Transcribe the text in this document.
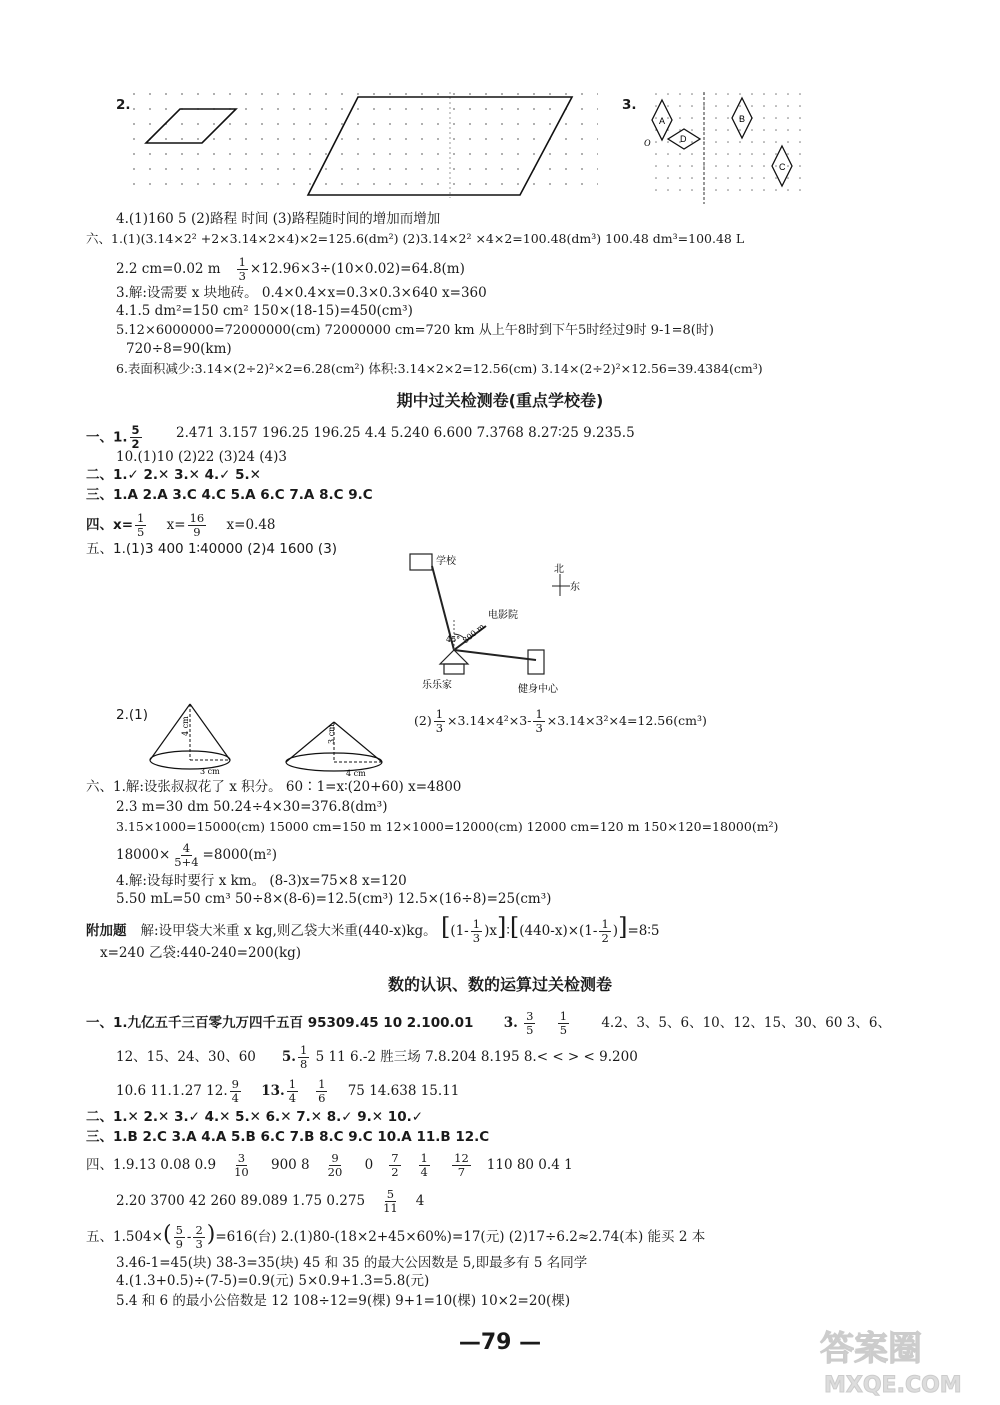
2.	3.
A
D
B
C
O
4.(1)160 5 (2)路程 时间 (3)路程随时间的增加而增加
六、1.(1)(3.14×2² +2×3.14×2×4)×2=125.6(dm²) (2)3.14×2² ×4×2=100.48(dm³) 100.48 dm³=100.48 L
2.2 cm=0.02 m $\frac{1}{3} \times 12.96\times 3\div(10\times 0.02)=64.8(m)$
3.解:设需要 x 块地砖。 0.4×0.4×x=0.3×0.3×640 x=360
4.1.5 dm²=150 cm² 150×(18-15)=450(cm³)
5.12×6000000=72000000(cm) 72000000 cm=720 km 从上午8时到下午5时经过9时 9-1=8(时)
720÷8=90(km)
6.表面积减少:3.14×(2÷2)²×2=6.28(cm²) 体积:3.14×2×2=12.56(cm) 3.14×(2÷2)²×12.56=39.4384(cm³)
期中过关检测卷(重点学校卷)
一、1. $\frac{5}{2}$	2.471 3.157 196.25 196.25 4.4 5.240 6.600 7.3768 8.27∶25 9.235.5
10.(1)10 (2)22 (3)24 (4)3
二、1.✓ 2.✕ 3.✕ 4.✓ 5.✕
三、1.A 2.A 3.C 4.C 5.A 6.C 7.A 8.C 9.C
四、$x= \frac{1}{5} x= \frac{16}{9} x=0.48$
五、1.(1)3 400 1∶40000 (2)4 1600 (3)
学校
电影院
乐乐家	健身中心
北
东
45° 800 m
2.(1)
4 cm
3 cm
3 cm
4 cm
$(2) \frac{1}{3} \times 3.14\times 4^2\times 3- \frac{1}{3} \times 3.14\times 3^2\times 4=12.56(cm^3)$
六、1.解:设张叔叔花了 x 积分。 60∶1=x∶(20+60) x=4800
2.3 m=30 dm 50.24÷4×30=376.8(dm³)
3.15×1000=15000(cm) 15000 cm=150 m 12×1000=12000(cm) 12000 cm=120 m 150×120=18000(m²)
$18000\times \frac{4}{5+4} =8000(m^2)$
4.解:设每时要行 x km。 (8-3)x=75×8 x=120
5.50 mL=50 cm³ 50÷8×(8-6)=12.5(cm³) 12.5×(16÷8)=25(cm³)
附加题 解:设甲袋大米重 x kg,则乙袋大米重(440-x)kg。 [($1- \frac{1}{3}$ )x]∶[(440-x)×(1- $\frac{1}{2}$ )]=8∶5
x=240 乙袋:440-240=200(kg)
数的认识、数的运算过关检测卷
一、1.九亿五千三百零九万四千五百 95309.45 10 2.100.01 3. $\frac{3}{5}$
$\frac{1}{5} 4.2$、3、5、6、10、12、15、30、60 3、6、
12、15、24、30、60 5. $\frac{1}{8} 5$ 11 6.-2 胜三场 7.8.204 8.195 8.< < > < 9.200
10.6 11.1.27 12. $\frac{9}{4} 13$. $\frac{1}{4} \frac{1}{6} 75$ 14.638 15.11
二、1.✕ 2.✕ 3.✓ 4.✕ 5.✕ 6.✕ 7.✕ 8.✓ 9.✕ 10.✓
三、1.B 2.C 3.A 4.A 5.B 6.C 7.B 8.C 9.C 10.A 11.B 12.C
四、1.9.13 0.08 $0.9 \frac{3}{10} 900$ $8 \frac{9}{20} 0 \frac{7}{2} \frac{1}{4}$
$\frac{12}{7} 110$ 80 0.4 1
2.20 3700 42 260 89.089 1.75 $0.275 \frac{5}{11} 4$
五、$1.504\times( \frac{5}{9} - \frac{2}{3} )=616$(台) 2.(1)80-(18×2+45×60%)=17(元) (2)17÷6.2≈2.74(本) 能买 2 本
3.46-1=45(块) 38-3=35(块) 45 和 35 的最大公因数是 5,即最多有 5 名同学
4.(1.3+0.5)÷(7-5)=0.9(元) 5×0.9+1.3=5.8(元)
5.4 和 6 的最小公倍数是 12 108÷12=9(棵) 9+1=10(棵) 10×2=20(棵)
—79 —	答案圈
MXQE.COM
